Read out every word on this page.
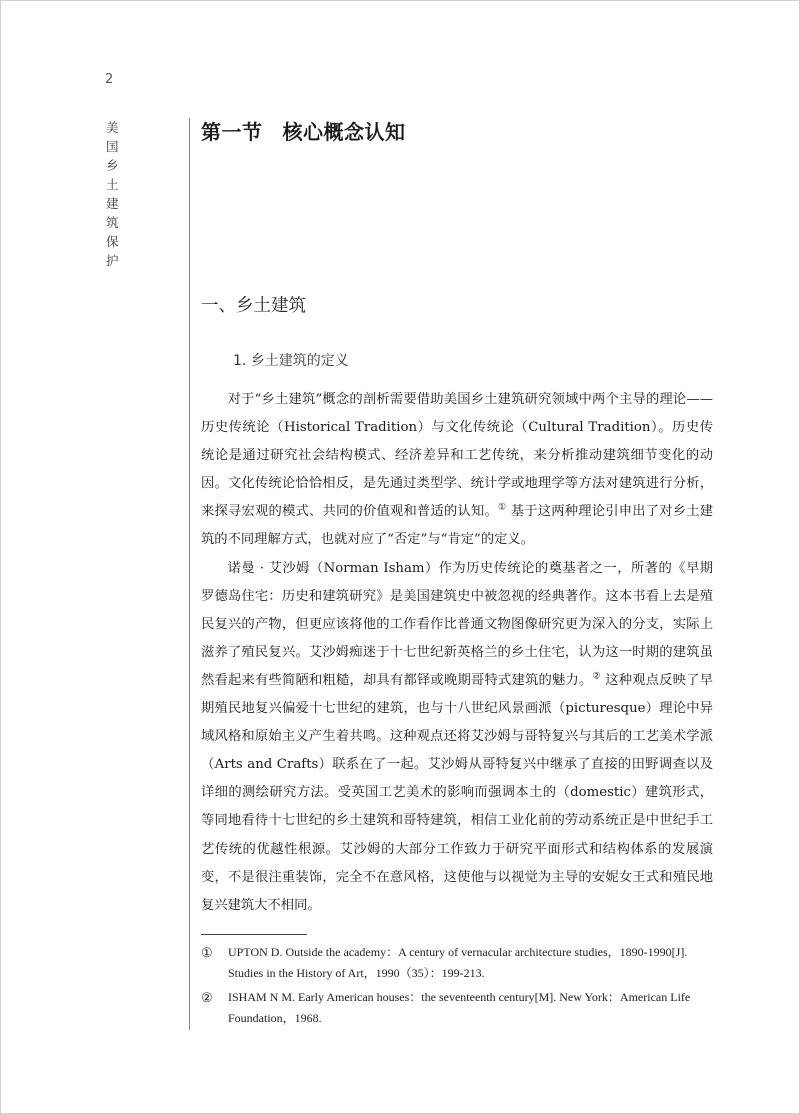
2
美国乡土建筑保护
第一节 核心概念认知
一、乡土建筑
1. 乡土建筑的定义

对于“乡土建筑”概念的剖析需要借助美国乡土建筑研究领域中两个主导的理论——历史传统论（Historical Tradition）与文化传统论（Cultural Tradition）。历史传统论是通过研究社会结构模式、经济差异和工艺传统，来分析推动建筑细节变化的动因。文化传统论恰恰相反，是先通过类型学、统计学或地理学等方法对建筑进行分析，来探寻宏观的模式、共同的价值观和普适的认知。① 基于这两种理论引申出了对乡土建筑的不同理解方式，也就对应了“否定”与“肯定”的定义。

诺曼 · 艾沙姆（Norman Isham）作为历史传统论的奠基者之一，所著的《早期罗德岛住宅：历史和建筑研究》是美国建筑史中被忽视的经典著作。这本书看上去是殖民复兴的产物，但更应该将他的工作看作比普通文物图像研究更为深入的分支，实际上滋养了殖民复兴。艾沙姆痴迷于十七世纪新英格兰的乡土住宅，认为这一时期的建筑虽然看起来有些简陋和粗糙，却具有都铎或晚期哥特式建筑的魅力。② 这种观点反映了早期殖民地复兴偏爱十七世纪的建筑，也与十八世纪风景画派（picturesque）理论中异域风格和原始主义产生着共鸣。这种观点还将艾沙姆与哥特复兴与其后的工艺美术学派（Arts and Crafts）联系在了一起。艾沙姆从哥特复兴中继承了直接的田野调查以及详细的测绘研究方法。受英国工艺美术的影响而强调本土的（domestic）建筑形式，等同地看待十七世纪的乡土建筑和哥特建筑，相信工业化前的劳动系统正是中世纪手工艺传统的优越性根源。艾沙姆的大部分工作致力于研究平面形式和结构体系的发展演变，不是很注重装饰，完全不在意风格，这使他与以视觉为主导的安妮女王式和殖民地复兴建筑大不相同。

①	UPTON D. Outside the academy：A century of vernacular architecture studies，1890-1990[J]. Studies in the History of Art，1990（35）：199-213.
②	ISHAM N M. Early American houses：the seventeenth century[M]. New York：American Life Foundation，1968.
